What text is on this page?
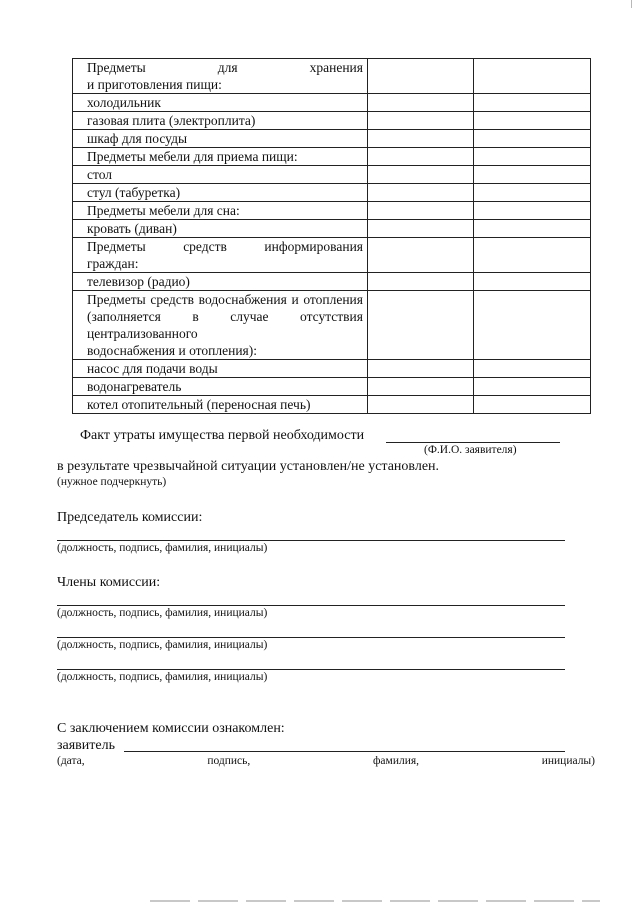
Предметы для хранения
и приготовления пищи:		

холодильник		
газовая плита (электроплита)		
шкаф для посуды		
Предметы мебели для приема пищи:		
стол		
стул (табуретка)		
Предметы мебели для сна:		
кровать (диван)		
Предметы средств информирования
граждан:		

телевизор (радио)		
Предметы средств водоснабжения и отопления (заполняется в случае отсутствия централизованного
водоснабжения и отопления):		

насос для подачи воды		
водонагреватель		
котел отопительный (переносная печь)		
Факт утраты имущества первой необходимости
(Ф.И.О. заявителя)
в результате чрезвычайной ситуации установлен/не установлен.
(нужное подчеркнуть)
Председатель комиссии:
(должность, подпись, фамилия, инициалы)
Члены комиссии:
(должность, подпись, фамилия, инициалы)
(должность, подпись, фамилия, инициалы)
(должность, подпись, фамилия, инициалы)
С заключением комиссии ознакомлен:
заявитель
(дата,	подпись,	фамилия,	инициалы)
